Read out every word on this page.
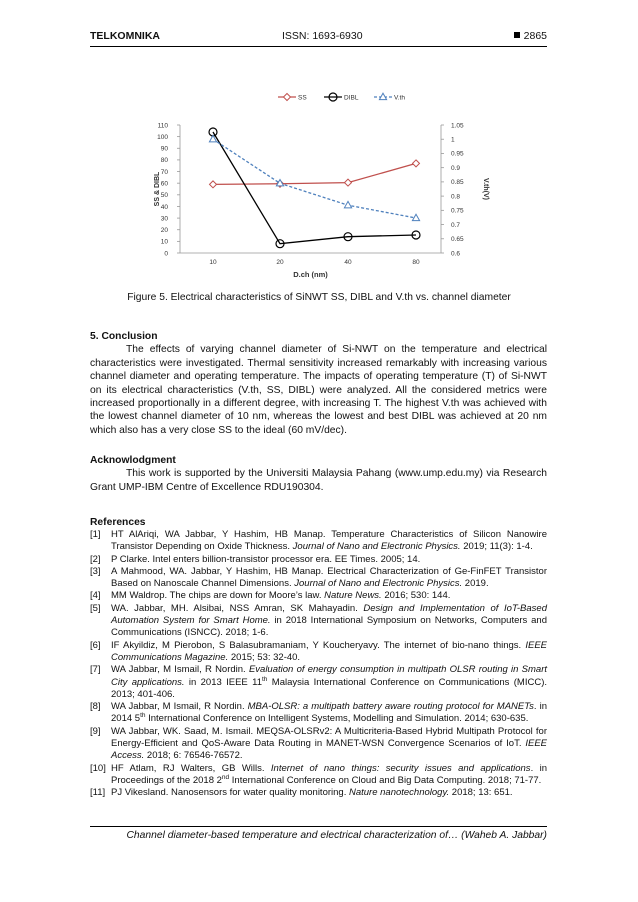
TELKOMNIKA	ISSN: 1693-6930	2865
0
10
20
30
40
50
60
70
80
90
100
110
0.6
0.65
0.7
0.75
0.8
0.85
0.9
0.95
1
1.05
10	20	40	80
D.ch (nm)
SS & DIBL	V.th(V)
SS	DIBL	V.th
Figure 5. Electrical characteristics of SiNWT SS, DIBL and V.th vs. channel diameter
5. Conclusion
The effects of varying channel diameter of Si-NWT on the temperature and electrical characteristics were investigated. Thermal sensitivity increased remarkably with increasing various channel diameter and operating temperature. The impacts of operating temperature (T) of Si-NWT on its electrical characteristics (V.th, SS, DIBL) were analyzed. All the considered metrics were increased proportionally in a different degree, with increasing T. The highest V.th was achieved with the lowest channel diameter of 10 nm, whereas the lowest and best DIBL was achieved at 20 nm which also has a very close SS to the ideal (60 mV/dec).
Acknowlodgment
This work is supported by the Universiti Malaysia Pahang (www.ump.edu.my) via Research Grant UMP-IBM Centre of Excellence RDU190304.
References
[1] HT AlAriqi, WA Jabbar, Y Hashim, HB Manap. Temperature Characteristics of Silicon Nanowire Transistor Depending on Oxide Thickness. Journal of Nano and Electronic Physics. 2019; 11(3): 1-4.
[2] P Clarke. Intel enters billion-transistor processor era. EE Times. 2005; 14.
[3] A Mahmood, WA. Jabbar, Y Hashim, HB Manap. Electrical Characterization of Ge-FinFET Transistor Based on Nanoscale Channel Dimensions. Journal of Nano and Electronic Physics. 2019.
[4] MM Waldrop. The chips are down for Moore’s law. Nature News. 2016; 530: 144.
[5] WA. Jabbar, MH. Alsibai, NSS Amran, SK Mahayadin. Design and Implementation of IoT-Based Automation System for Smart Home. in 2018 International Symposium on Networks, Computers and Communications (ISNCC). 2018; 1-6.
[6] IF Akyildiz, M Pierobon, S Balasubramaniam, Y Koucheryavy. The internet of bio-nano things. IEEE Communications Magazine. 2015; 53: 32-40.
[7] WA Jabbar, M Ismail, R Nordin. Evaluation of energy consumption in multipath OLSR routing in Smart City applications. in 2013 IEEE 11th Malaysia International Conference on Communications (MICC). 2013; 401-406.
[8] WA Jabbar, M Ismail, R Nordin. MBA-OLSR: a multipath battery aware routing protocol for MANETs. in 2014 5th International Conference on Intelligent Systems, Modelling and Simulation. 2014; 630-635.
[9] WA Jabbar, WK. Saad, M. Ismail. MEQSA-OLSRv2: A Multicriteria-Based Hybrid Multipath Protocol for Energy-Efficient and QoS-Aware Data Routing in MANET-WSN Convergence Scenarios of IoT. IEEE Access. 2018; 6: 76546-76572.
[10] HF Atlam, RJ Walters, GB Wills. Internet of nano things: security issues and applications. in Proceedings of the 2018 2nd International Conference on Cloud and Big Data Computing. 2018; 71-77.
[11] PJ Vikesland. Nanosensors for water quality monitoring. Nature nanotechnology. 2018; 13: 651.
Channel diameter-based temperature and electrical characterization of… (Waheb A. Jabbar)
